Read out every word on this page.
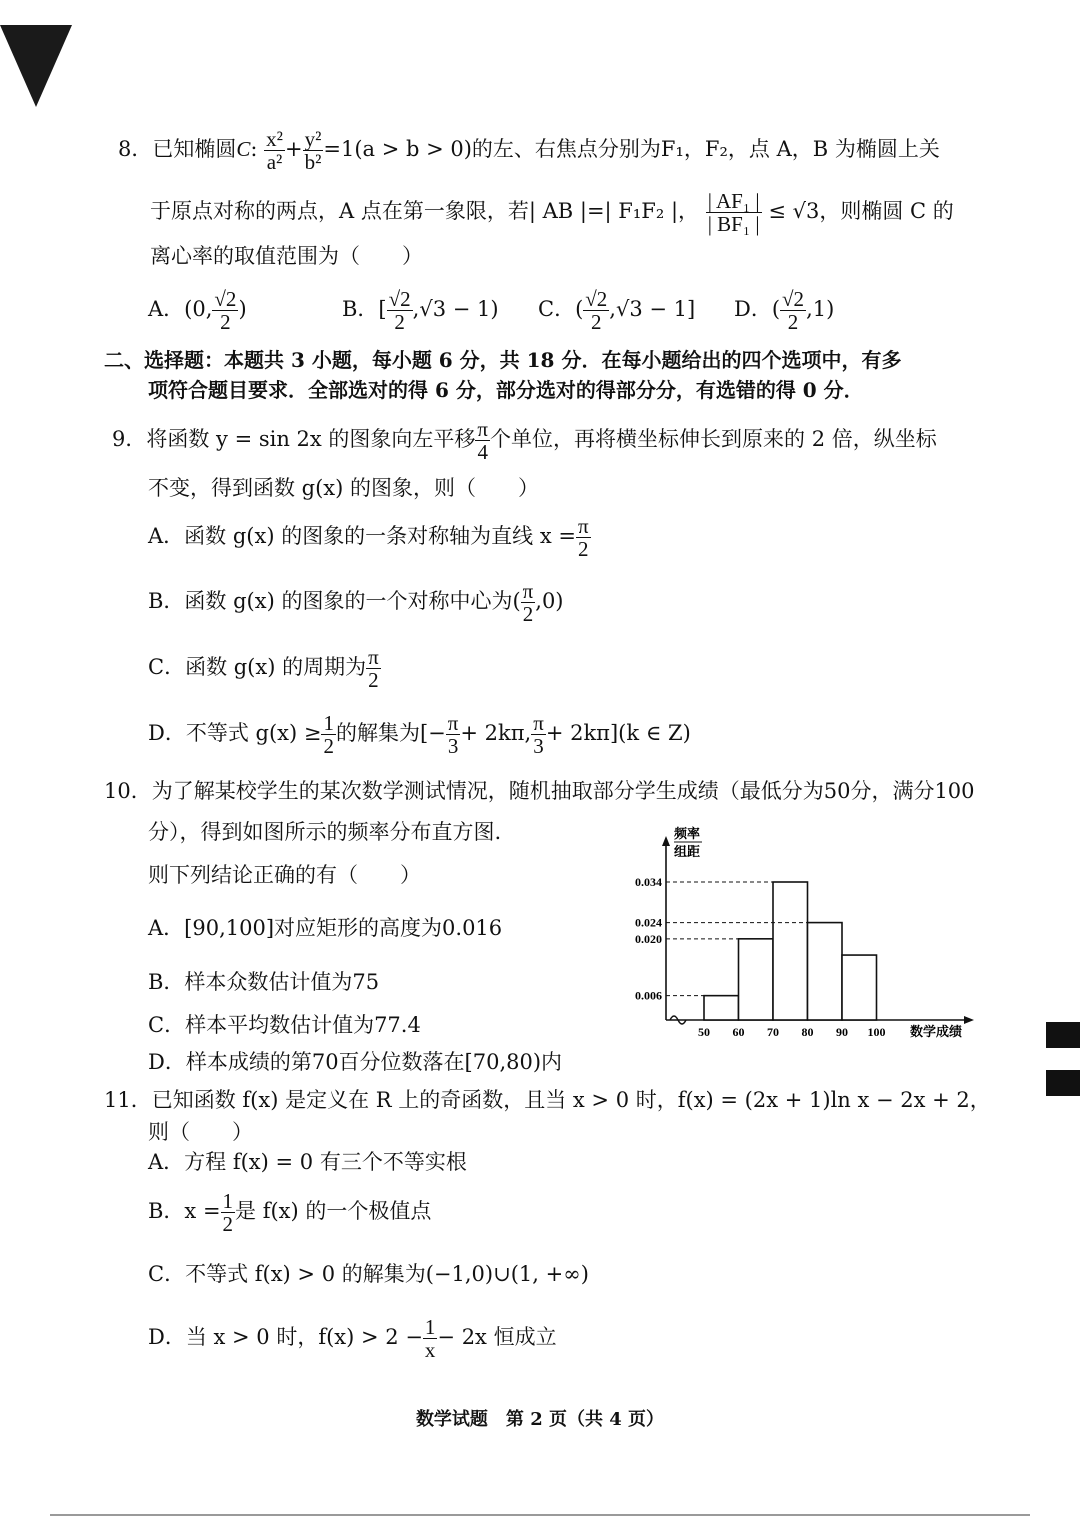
8．已知椭圆C: $\frac{\text{x²}}{\text{a²}} + \frac{\text{y²}}{\text{b²}} =1(a > b > 0)$的左、右焦点分别为F₁，F₂，点 A，B 为椭圆上关
于原点对称的两点，A 点在第一象限，若| AB |=| F₁F₂ |， $\frac{\text{| AF₁ |}}{\text{| BF₁ |}} \le √3$，则椭圆 C 的
离心率的取值范围为（　　）
A．(0, $\frac{√2}{2}$ )	B．[ $\frac{√2}{2} ,√3 - 1$) C．( $\frac{√2}{2} ,√3 - 1$] D．( $\frac{√2}{2} ,1$)
二、选择题：本题共 3 小题，每小题 6 分，共 18 分．在每小题给出的四个选项中，有多
项符合题目要求．全部选对的得 6 分，部分选对的得部分分，有选错的得 0 分．
9．将函数 y = sin 2x 的图象向左平移 $\frac{\pi}{4}$ 个单位，再将横坐标伸长到原来的 2 倍，纵坐标
不变，得到函数 g(x) 的图象，则（　　）
A．函数 g(x) 的图象的一条对称轴为直线 $x = \frac{\pi}{2}$
B．函数 g(x) 的图象的一个对称中心为( $\frac{\pi}{2} ,0$)
C．函数 g(x) 的周期为 $\frac{\pi}{2}$
D．不等式 $g(x) \ge \frac{1}{2}$ 的解集为[− $\frac{\pi}{3} + 2k\pi$, $\frac{\pi}{3} + 2k\pi](k$ ∈ Z)
10．为了解某校学生的某次数学测试情况，随机抽取部分学生成绩（最低分为50分，满分100
分），得到如图所示的频率分布直方图.
则下列结论正确的有（　　）
A．[90,100]对应矩形的高度为0.016
B．样本众数估计值为75
C．样本平均数估计值为77.4
D．样本成绩的第70百分位数落在[70,80)内
频率
组距
0.034
0.024
0.020
0.006
50 60 70 80 90 100 数学成绩
11．已知函数 f(x) 是定义在 R 上的奇函数，且当 x > 0 时，f(x) = (2x + 1)ln x − 2x + 2，
则（　　）
A．方程 f(x) = 0 有三个不等实根
B．$x = \frac{1}{2}$ 是 f(x) 的一个极值点
C．不等式 f(x) > 0 的解集为(−1,0)∪(1, +∞)
D．当 x > 0 时，$f(x) > 2 - \frac{1}{x} - 2x$ 恒成立
数学试题　第 2 页（共 4 页）
